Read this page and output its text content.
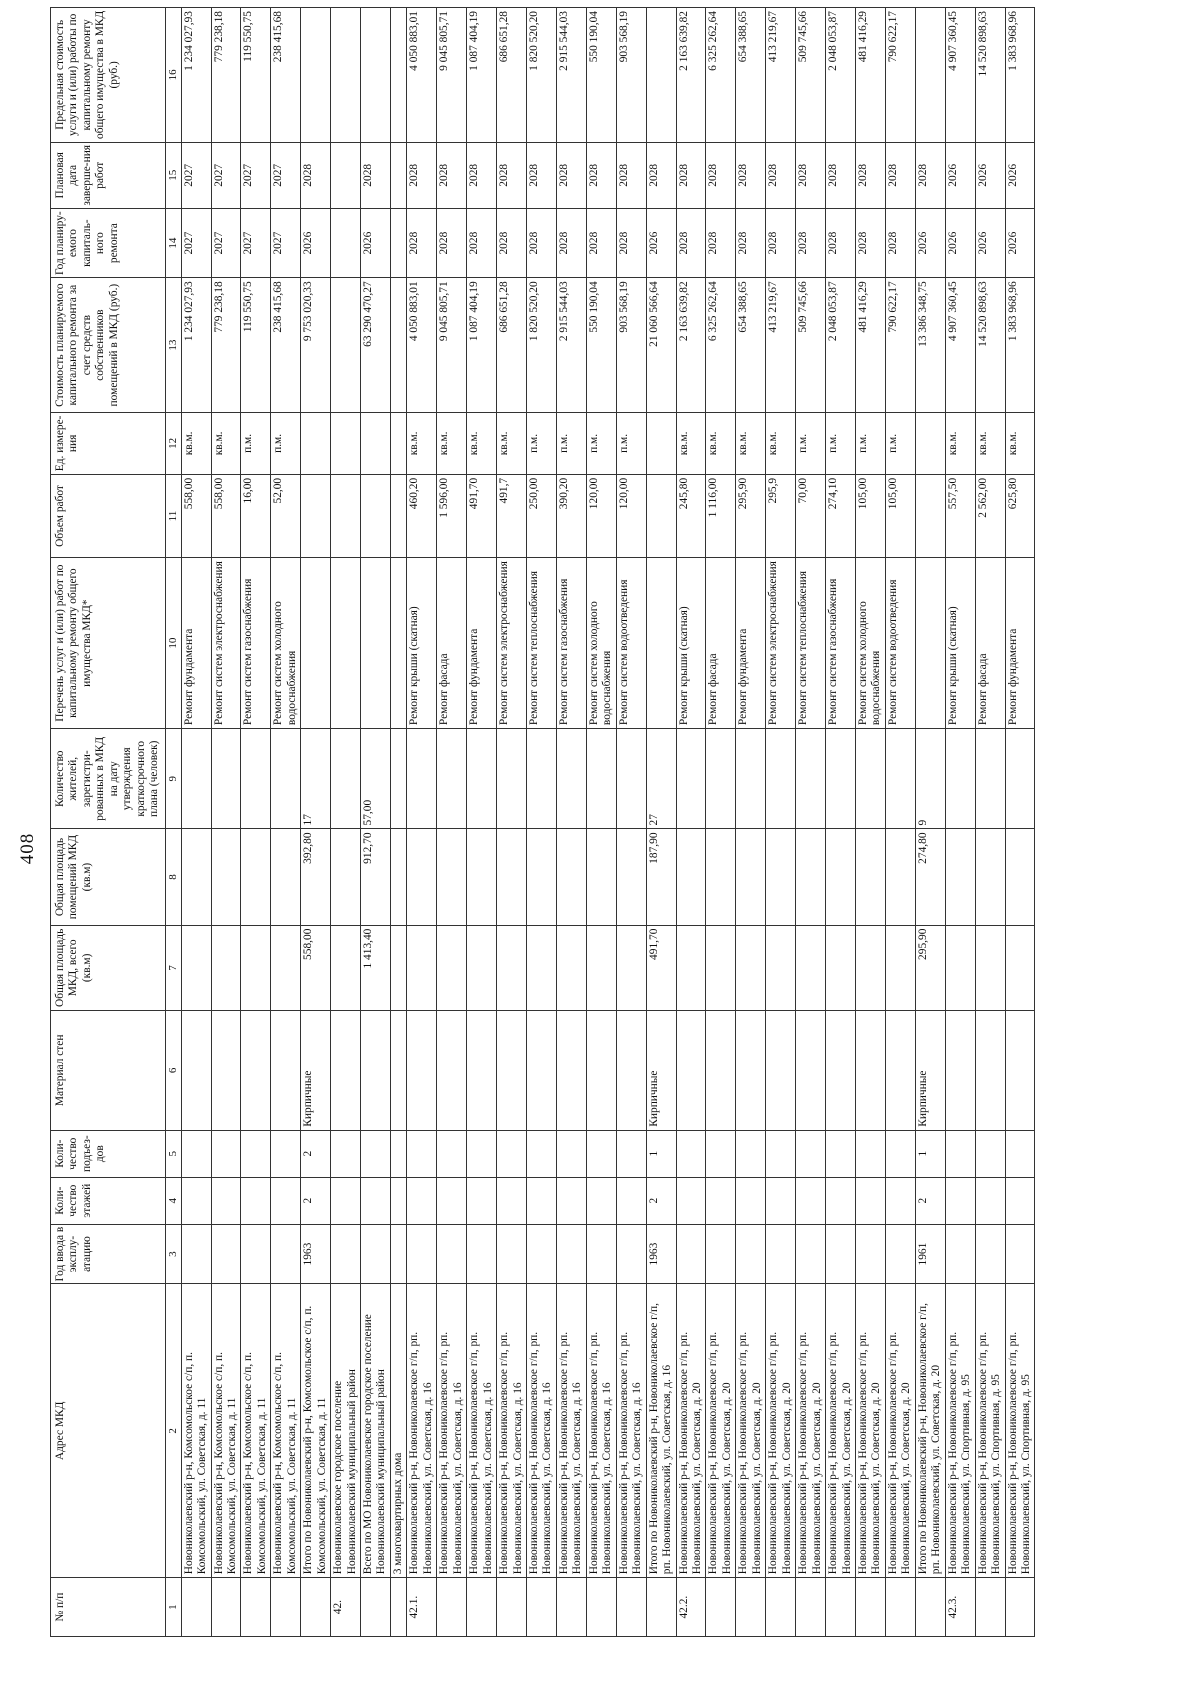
408
№ п/п	Адрес МКД	Год ввода в эксплу-атацию	Коли-чество этажей	Коли-чество подъез-дов	Материал стен	Общая площадь МКД, всего (кв.м)	Общая площадь помещений МКД (кв.м)	Количество жителей, зарегистри-рованных в МКД на дату утверждения краткосрочного плана (человек)	Перечень услуг и (или) работ по капитальному ремонту общего имущества МКД*	Объем работ	Ед. измере-ния	Стоимость планируемого капитального ремонта за счет средств собственников помещений в МКД (руб.)	Год планиру-емого капиталь-ного ремонта	Плановая дата заверше-ния работ	Предельная стоимость услуги и (или) работы по капитальному ремонту общего имущества в МКД (руб.)
1	2	3	4	5	6	7	8	9	10	11	12	13	14	15	16
	Новониколаевский р-н, Комсомольское с/п, п. Комсомольский, ул. Советская, д. 11								Ремонт фундамента	558,00	кв.м.	1 234 027,93	2027	2027	1 234 027,93
	Новониколаевский р-н, Комсомольское с/п, п. Комсомольский, ул. Советская, д. 11								Ремонт систем электроснабжения	558,00	кв.м.	779 238,18	2027	2027	779 238,18
	Новониколаевский р-н, Комсомольское с/п, п. Комсомольский, ул. Советская, д. 11								Ремонт систем газоснабжения	16,00	п.м.	119 550,75	2027	2027	119 550,75
	Новониколаевский р-н, Комсомольское с/п, п. Комсомольский, ул. Советская, д. 11								Ремонт систем холодного водоснабжения	52,00	п.м.	238 415,68	2027	2027	238 415,68
	Итого по Новониколаевский р-н, Комсомольское с/п, п. Комсомольский, ул. Советская, д. 11	1963	2	2	Кирпичные	558,00	392,80	17				9 753 020,33	2026	2028	
42.	Новониколаевское городское поселение Новониколаевский муниципальный район														
	Всего по МО Новониколаевское городское поселение Новониколаевский муниципальный район					1 413,40	912,70	57,00				63 290 470,27	2026	2028	
	3 многоквартирных дома														
42.1.	Новониколаевский р-н, Новониколаевское г/п, рп. Новониколаевский, ул. Советская, д. 16								Ремонт крыши (скатная)	460,20	кв.м.	4 050 883,01	2028	2028	4 050 883,01
	Новониколаевский р-н, Новониколаевское г/п, рп. Новониколаевский, ул. Советская, д. 16								Ремонт фасада	1 596,00	кв.м.	9 045 805,71	2028	2028	9 045 805,71
	Новониколаевский р-н, Новониколаевское г/п, рп. Новониколаевский, ул. Советская, д. 16								Ремонт фундамента	491,70	кв.м.	1 087 404,19	2028	2028	1 087 404,19
	Новониколаевский р-н, Новониколаевское г/п, рп. Новониколаевский, ул. Советская, д. 16								Ремонт систем электроснабжения	491,7	кв.м.	686 651,28	2028	2028	686 651,28
	Новониколаевский р-н, Новониколаевское г/п, рп. Новониколаевский, ул. Советская, д. 16								Ремонт систем теплоснабжения	250,00	п.м.	1 820 520,20	2028	2028	1 820 520,20
	Новониколаевский р-н, Новониколаевское г/п, рп. Новониколаевский, ул. Советская, д. 16								Ремонт систем газоснабжения	390,20	п.м.	2 915 544,03	2028	2028	2 915 544,03
	Новониколаевский р-н, Новониколаевское г/п, рп. Новониколаевский, ул. Советская, д. 16								Ремонт систем холодного водоснабжения	120,00	п.м.	550 190,04	2028	2028	550 190,04
	Новониколаевский р-н, Новониколаевское г/п, рп. Новониколаевский, ул. Советская, д. 16								Ремонт систем водоотведения	120,00	п.м.	903 568,19	2028	2028	903 568,19
	Итого по Новониколаевский р-н, Новониколаевское г/п, рп. Новониколаевский, ул. Советская, д. 16	1963	2	1	Кирпичные	491,70	187,90	27				21 060 566,64	2026	2028	
42.2.	Новониколаевский р-н, Новониколаевское г/п, рп. Новониколаевский, ул. Советская, д. 20								Ремонт крыши (скатная)	245,80	кв.м.	2 163 639,82	2028	2028	2 163 639,82
	Новониколаевский р-н, Новониколаевское г/п, рп. Новониколаевский, ул. Советская, д. 20								Ремонт фасада	1 116,00	кв.м.	6 325 262,64	2028	2028	6 325 262,64
	Новониколаевский р-н, Новониколаевское г/п, рп. Новониколаевский, ул. Советская, д. 20								Ремонт фундамента	295,90	кв.м.	654 388,65	2028	2028	654 388,65
	Новониколаевский р-н, Новониколаевское г/п, рп. Новониколаевский, ул. Советская, д. 20								Ремонт систем электроснабжения	295,9	кв.м.	413 219,67	2028	2028	413 219,67
	Новониколаевский р-н, Новониколаевское г/п, рп. Новониколаевский, ул. Советская, д. 20								Ремонт систем теплоснабжения	70,00	п.м.	509 745,66	2028	2028	509 745,66
	Новониколаевский р-н, Новониколаевское г/п, рп. Новониколаевский, ул. Советская, д. 20								Ремонт систем газоснабжения	274,10	п.м.	2 048 053,87	2028	2028	2 048 053,87
	Новониколаевский р-н, Новониколаевское г/п, рп. Новониколаевский, ул. Советская, д. 20								Ремонт систем холодного водоснабжения	105,00	п.м.	481 416,29	2028	2028	481 416,29
	Новониколаевский р-н, Новониколаевское г/п, рп. Новониколаевский, ул. Советская, д. 20								Ремонт систем водоотведения	105,00	п.м.	790 622,17	2028	2028	790 622,17
	Итого по Новониколаевский р-н, Новониколаевское г/п, рп. Новониколаевский, ул. Советская, д. 20	1961	2	1	Кирпичные	295,90	274,80	9				13 386 348,75	2026	2028	
42.3.	Новониколаевский р-н, Новониколаевское г/п, рп. Новониколаевский, ул. Спортивная, д. 95								Ремонт крыши (скатная)	557,50	кв.м.	4 907 360,45	2026	2026	4 907 360,45
	Новониколаевский р-н, Новониколаевское г/п, рп. Новониколаевский, ул. Спортивная, д. 95								Ремонт фасада	2 562,00	кв.м.	14 520 898,63	2026	2026	14 520 898,63
	Новониколаевский р-н, Новониколаевское г/п, рп. Новониколаевский, ул. Спортивная, д. 95								Ремонт фундамента	625,80	кв.м.	1 383 968,96	2026	2026	1 383 968,96
